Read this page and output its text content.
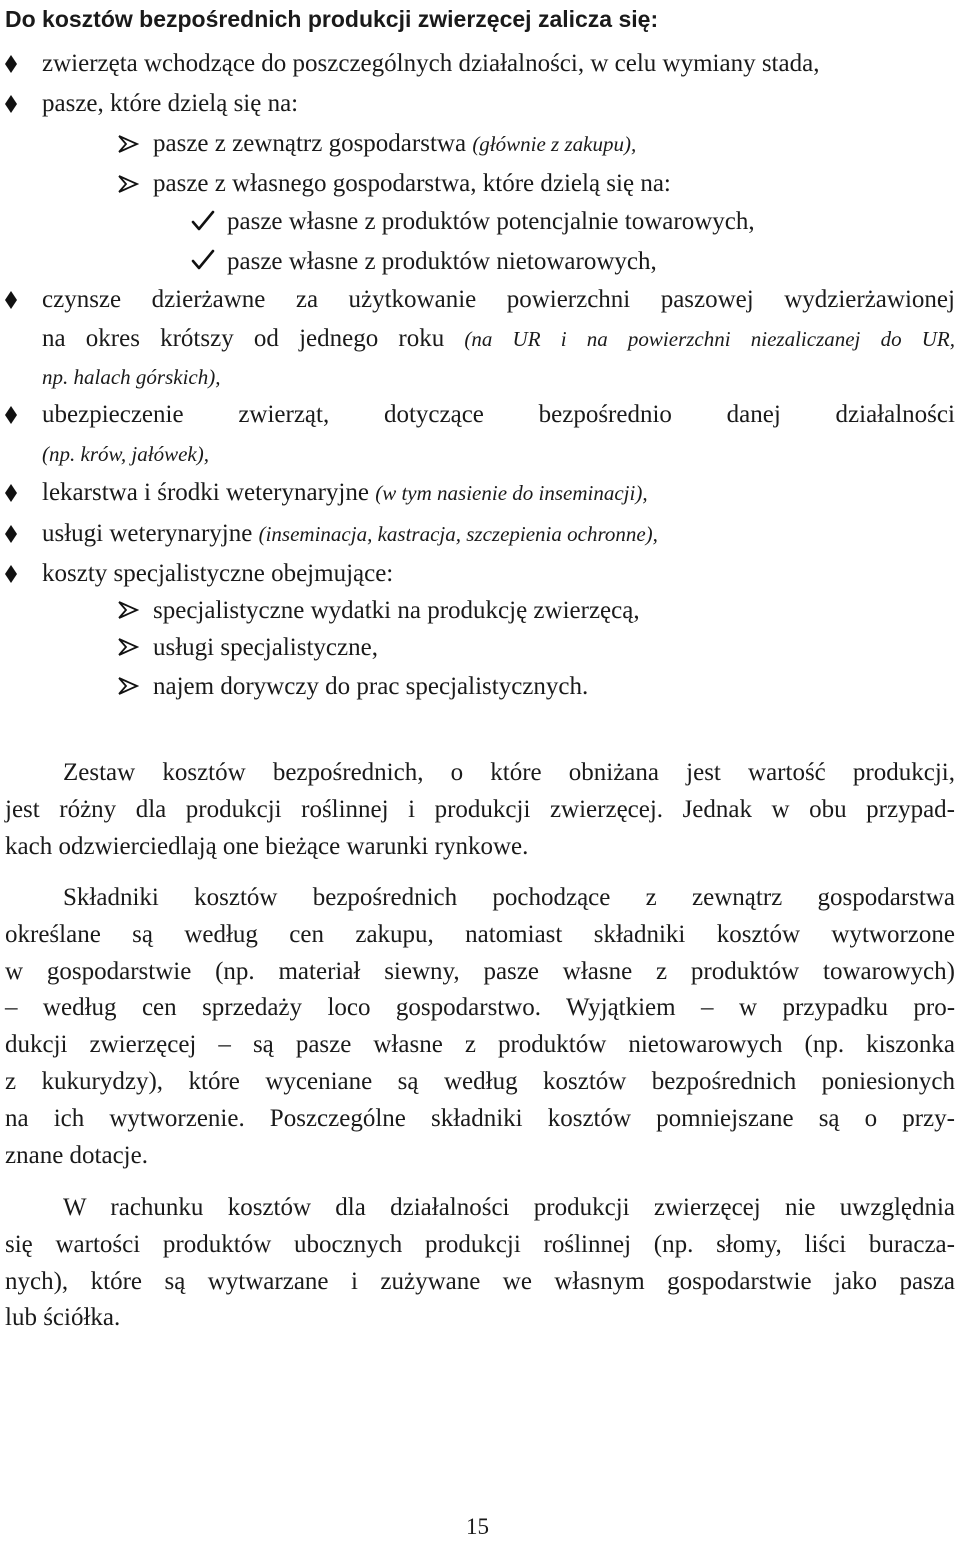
Do kosztów bezpośrednich produkcji zwierzęcej zalicza się:
zwierzęta wchodzące do poszczególnych działalności, w celu wymiany stada,
pasze, które dzielą się na:
pasze z zewnątrz gospodarstwa (głównie z zakupu),
pasze z własnego gospodarstwa, które dzielą się na:
pasze własne z produktów potencjalnie towarowych,
pasze własne z produktów nietowarowych,
czynsze dzierżawne za użytkowanie powierzchni paszowej wydzierżawionej
na okres krótszy od jednego roku (na UR i na powierzchni niezaliczanej do UR,
np. halach górskich),
ubezpieczenie zwierząt, dotyczące bezpośrednio danej działalności
(np. krów, jałówek),
lekarstwa i środki weterynaryjne (w tym nasienie do inseminacji),
usługi weterynaryjne (inseminacja, kastracja, szczepienia ochronne),
koszty specjalistyczne obejmujące:
specjalistyczne wydatki na produkcję zwierzęcą,
usługi specjalistyczne,
najem dorywczy do prac specjalistycznych.
Zestaw kosztów bezpośrednich, o które obniżana jest wartość produkcji,
jest różny dla produkcji roślinnej i produkcji zwierzęcej. Jednak w obu przypad-
kach odzwierciedlają one bieżące warunki rynkowe.
Składniki kosztów bezpośrednich pochodzące z zewnątrz gospodarstwa
określane są według cen zakupu, natomiast składniki kosztów wytworzone
w gospodarstwie (np. materiał siewny, pasze własne z produktów towarowych)
– według cen sprzedaży loco gospodarstwo. Wyjątkiem – w przypadku pro-
dukcji zwierzęcej – są pasze własne z produktów nietowarowych (np. kiszonka
z kukurydzy), które wyceniane są według kosztów bezpośrednich poniesionych
na ich wytworzenie. Poszczególne składniki kosztów pomniejszane są o przy-
znane dotacje.
W rachunku kosztów dla działalności produkcji zwierzęcej nie uwzględnia
się wartości produktów ubocznych produkcji roślinnej (np. słomy, liści buracza-
nych), które są wytwarzane i zużywane we własnym gospodarstwie jako pasza
lub ściółka.
15
